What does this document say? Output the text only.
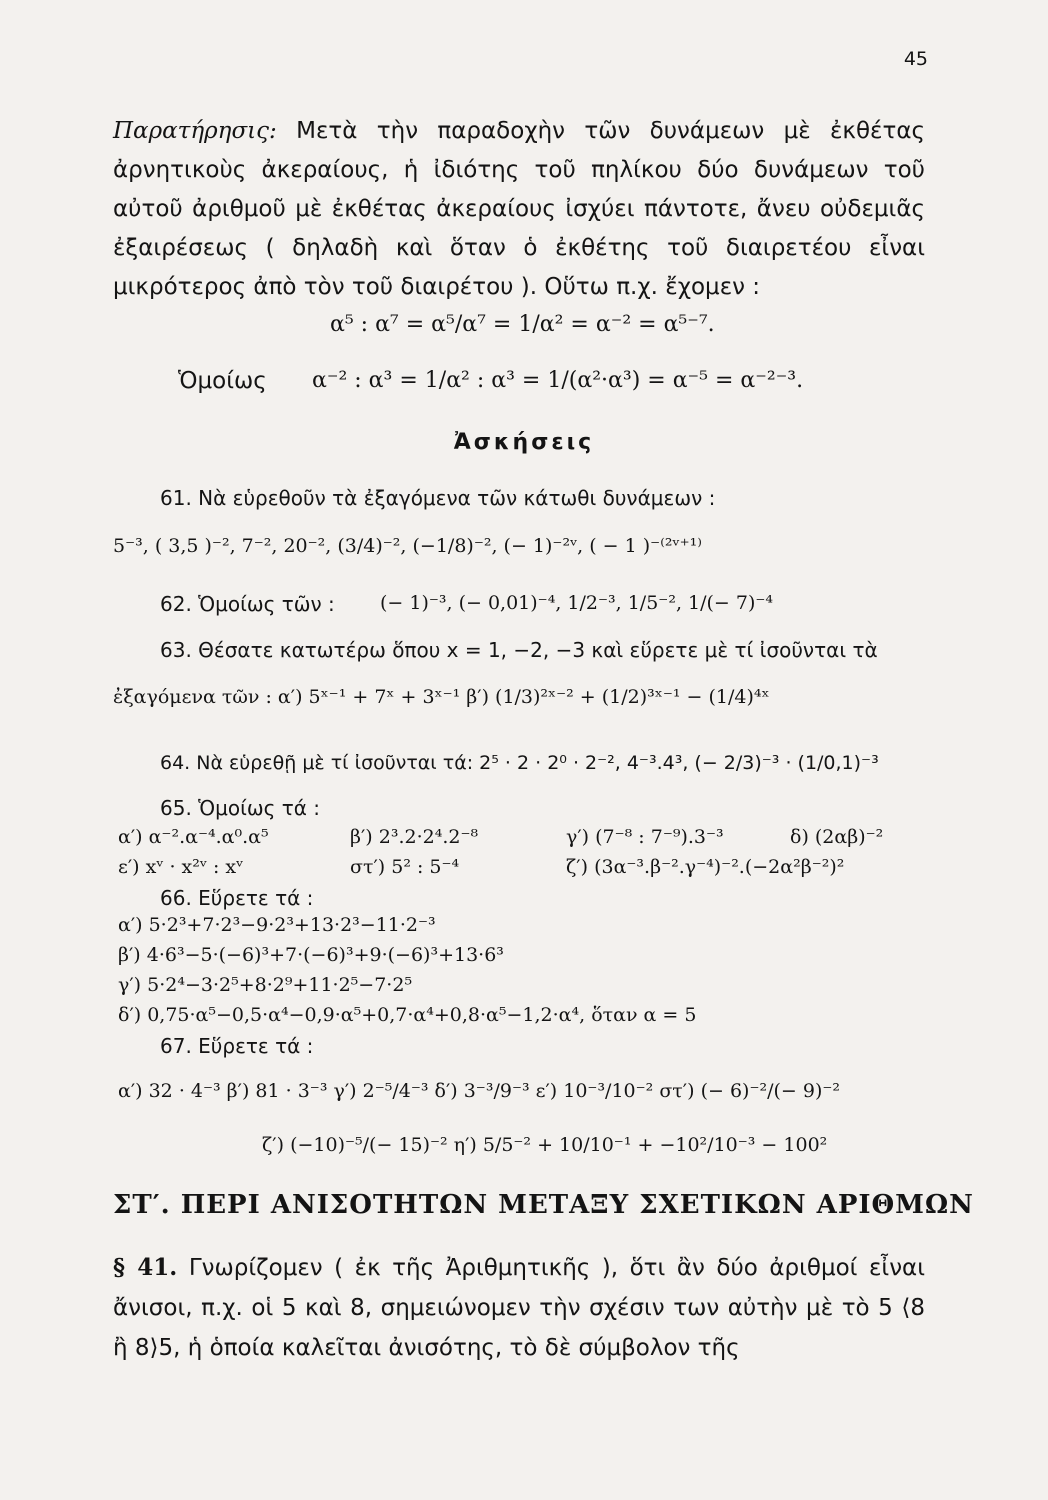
45
Παρατήρησις: Μετὰ τὴν παραδοχὴν τῶν δυνάμεων μὲ ἐκθέτας ἀρνητικοὺς ἀκεραίους, ἡ ἰδιότης τοῦ πηλίκου δύο δυνάμεων τοῦ αὐτοῦ ἀριθμοῦ μὲ ἐκθέτας ἀκεραίους ἰσχύει πάντοτε, ἄνευ οὐδεμιᾶς ἐξαιρέσεως ( δηλαδὴ καὶ ὅταν ὁ ἐκθέτης τοῦ διαιρετέου εἶναι μικρότερος ἀπὸ τὸν τοῦ διαιρέτου ). Οὕτω π.χ. ἔχομεν :
α⁵ : α⁷ = α⁵/α⁷ = 1/α² = α⁻² = α⁵⁻⁷.
Ὁμοίως α⁻² : α³ = 1/α² : α³ = 1/(α²·α³) = α⁻⁵ = α⁻²⁻³.
Ἀσκήσεις
61. Νὰ εὑρεθοῦν τὰ ἐξαγόμενα τῶν κάτωθι δυνάμεων :
5⁻³, ( 3,5 )⁻², 7⁻², 20⁻², (3/4)⁻², (−1/8)⁻², (− 1)⁻²ᵛ, ( − 1 )⁻⁽²ᵛ⁺¹⁾
62. Ὁμοίως τῶν : (− 1)⁻³, (− 0,01)⁻⁴, 1/2⁻³, 1/5⁻², 1/(− 7)⁻⁴
63. Θέσατε κατωτέρω ὅπου x = 1, −2, −3 καὶ εὕρετε μὲ τί ἰσοῦνται τὰ
ἐξαγόμενα τῶν : α′) 5ˣ⁻¹ + 7ˣ + 3ˣ⁻¹ β′) (1/3)²ˣ⁻² + (1/2)³ˣ⁻¹ − (1/4)⁴ˣ
64. Νὰ εὑρεθῇ μὲ τί ἰσοῦνται τά: 2⁵ · 2 · 2⁰ · 2⁻², 4⁻³.4³, (− 2/3)⁻³ · (1/0,1)⁻³
65. Ὁμοίως τά :
α′) α⁻².α⁻⁴.α⁰.α⁵	β′) 2³.2·2⁴.2⁻⁸	γ′) (7⁻⁸ : 7⁻⁹).3⁻³	δ) (2αβ)⁻²
ε′) xᵛ · x²ᵛ : xᵛ	στ′) 5² : 5⁻⁴	ζ′) (3α⁻³.β⁻².γ⁻⁴)⁻².(−2α²β⁻²)²
66. Εὕρετε τά :
α′) 5·2³+7·2³−9·2³+13·2³−11·2⁻³
β′) 4·6³−5·(−6)³+7·(−6)³+9·(−6)³+13·6³
γ′) 5·2⁴−3·2⁵+8·2⁹+11·2⁵−7·2⁵
δ′) 0,75·α⁵−0,5·α⁴−0,9·α⁵+0,7·α⁴+0,8·α⁵−1,2·α⁴, ὅταν α = 5
67. Εὕρετε τά :
α′) 32 · 4⁻³ β′) 81 · 3⁻³ γ′) 2⁻⁵/4⁻³ δ′) 3⁻³/9⁻³ ε′) 10⁻³/10⁻² στ′) (− 6)⁻²/(− 9)⁻²
ζ′) (−10)⁻⁵/(− 15)⁻² η′) 5/5⁻² + 10/10⁻¹ + −10²/10⁻³ − 100²
ΣΤ′. ΠΕΡΙ ΑΝΙΣΟΤΗΤΩΝ ΜΕΤΑΞΥ ΣΧΕΤΙΚΩΝ ΑΡΙΘΜΩΝ
§ 41. Γνωρίζομεν ( ἐκ τῆς Ἀριθμητικῆς ), ὅτι ἂν δύο ἀριθμοί εἶναι ἄνισοι, π.χ. οἱ 5 καὶ 8, σημειώνομεν τὴν σχέσιν των αὐτὴν μὲ τὸ 5 ⟨8 ἢ 8⟩5, ἡ ὁποία καλεῖται ἀνισότης, τὸ δὲ σύμβολον τῆς
